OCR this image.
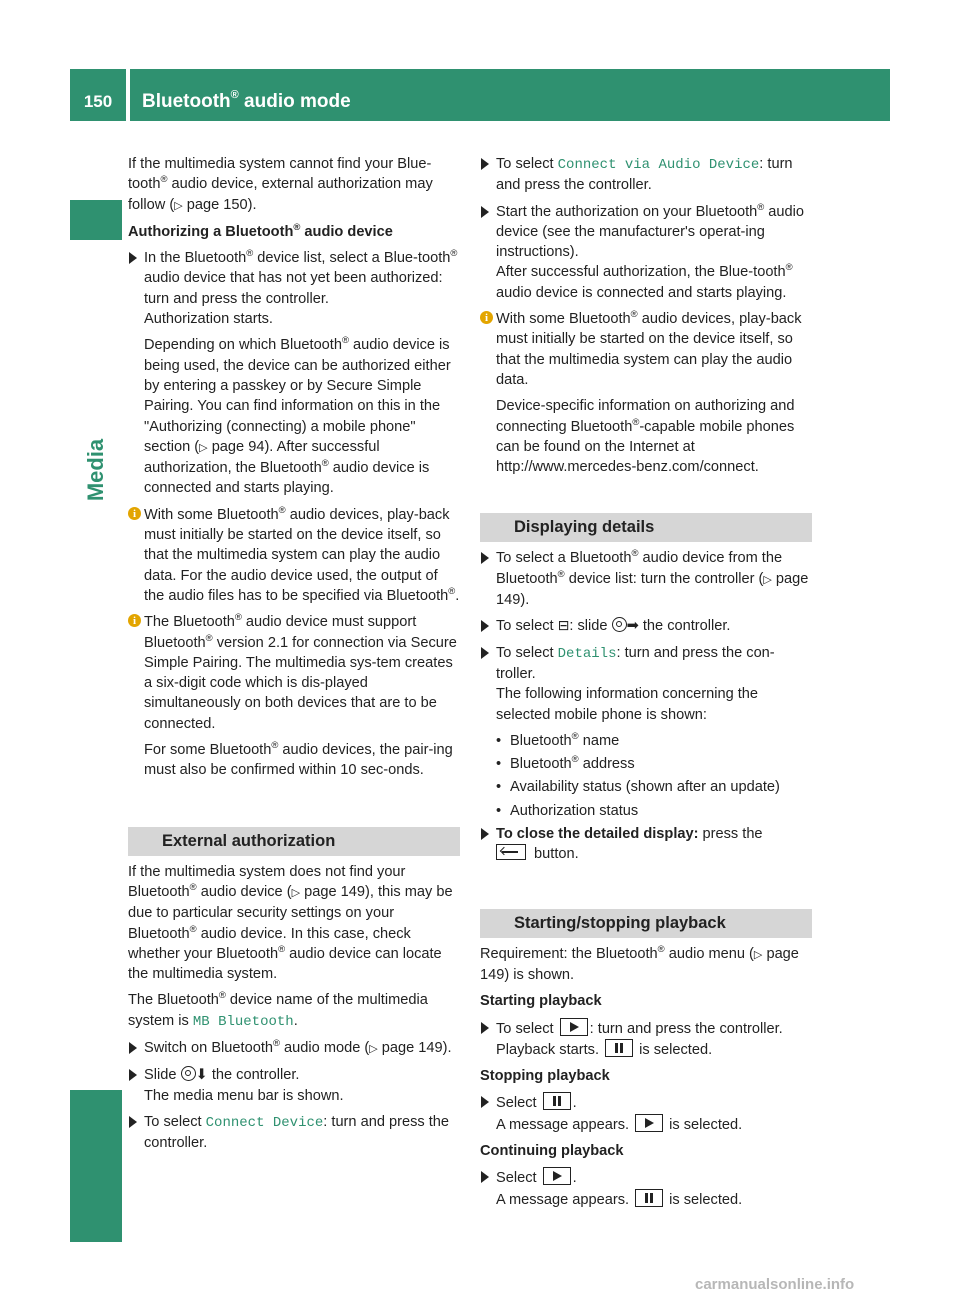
150	Bluetooth® audio mode
Media

If the multimedia system cannot find your Blue-tooth® audio device, external authorization may follow (▷ page 150).

Authorizing a Bluetooth® audio device

In the Bluetooth® device list, select a Blue-tooth® audio device that has not yet been authorized: turn and press the controller.
Authorization starts.
Depending on which Bluetooth® audio device is being used, the device can be authorized either by entering a passkey or by Secure Simple Pairing. You can find information on this in the "Authorizing (connecting) a mobile phone" section (▷ page 94). After successful authorization, the Bluetooth® audio device is connected and starts playing.
i With some Bluetooth® audio devices, play-back must initially be started on the device itself, so that the multimedia system can play the audio data. For the audio device used, the output of the audio files has to be specified via Bluetooth®.
i The Bluetooth® audio device must support Bluetooth® version 2.1 for connection via Secure Simple Pairing. The multimedia sys-tem creates a six-digit code which is dis-played simultaneously on both devices that are to be connected.
For some Bluetooth® audio devices, the pair-ing must also be confirmed within 10 sec-onds.
External authorization

If the multimedia system does not find your Bluetooth® audio device (▷ page 149), this may be due to particular security settings on your Bluetooth® audio device. In this case, check whether your Bluetooth® audio device can locate the multimedia system.

The Bluetooth® device name of the multimedia system is MB Bluetooth.

Switch on Bluetooth® audio mode (▷ page 149).
Slide ⬇ the controller.
The media menu bar is shown.
To select Connect Device: turn and press the controller.
To select Connect via Audio Device: turn and press the controller.
Start the authorization on your Bluetooth® audio device (see the manufacturer's operat-ing instructions).
After successful authorization, the Blue-tooth® audio device is connected and starts playing.
i With some Bluetooth® audio devices, play-back must initially be started on the device itself, so that the multimedia system can play the audio data.
Device-specific information on authorizing and connecting Bluetooth®-capable mobile phones can be found on the Internet at http://www.mercedes-benz.com/connect.
Displaying details
To select a Bluetooth® audio device from the Bluetooth® device list: turn the controller (▷ page 149).
To select ⊟: slide ➡ the controller.
To select Details: turn and press the con-troller.
The following information concerning the selected mobile phone is shown:
• Bluetooth® name
• Bluetooth® address
• Availability status (shown after an update)
• Authorization status
To close the detailed display: press the
button.
Starting/stopping playback

Requirement: the Bluetooth® audio menu (▷ page 149) is shown.

Starting playback

To select
: turn and press the controller.
Playback starts.
is selected.

Stopping playback

Select
.
A message appears.
is selected.

Continuing playback

Select
.
A message appears.
is selected.
carmanualsonline.info
